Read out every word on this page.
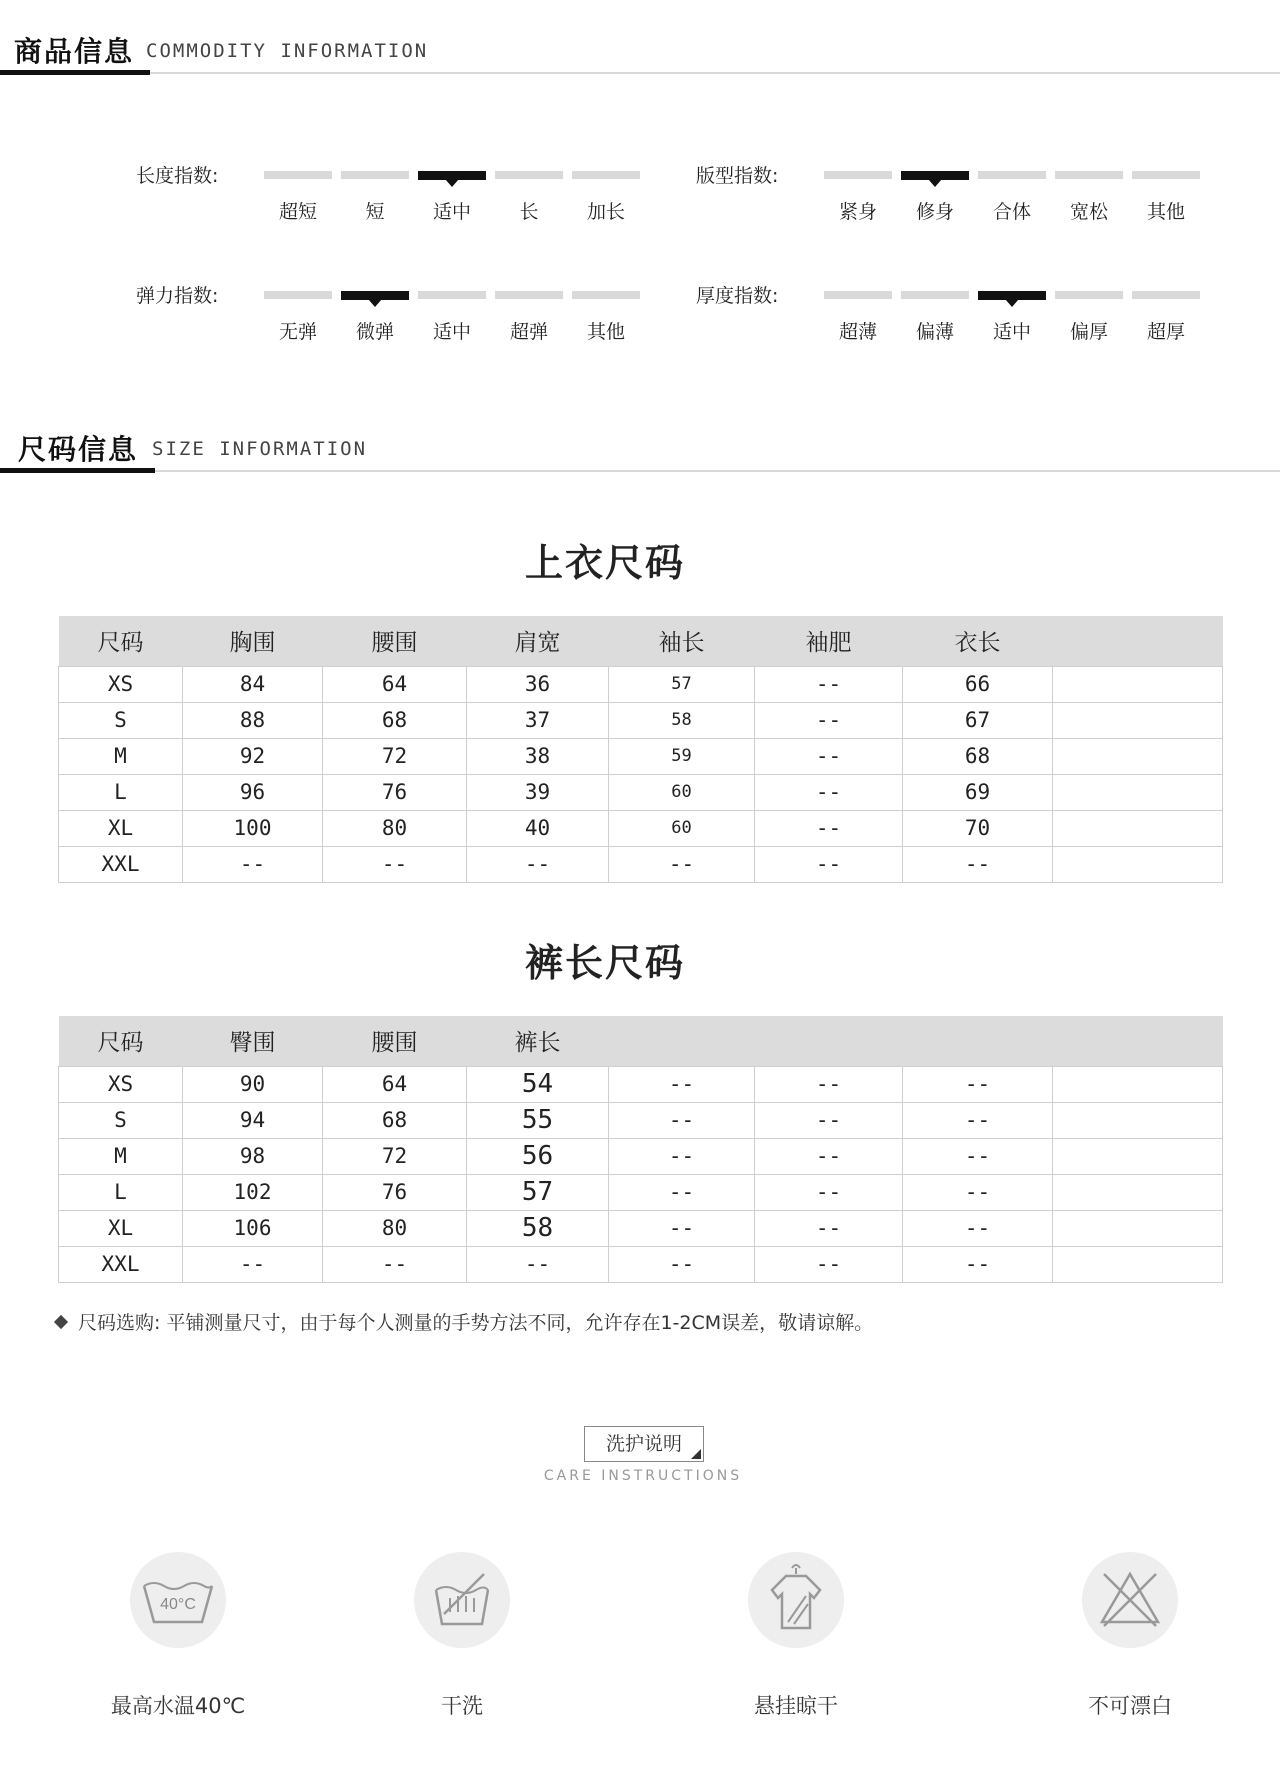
商品信息 COMMODITY INFORMATION
长度指数:
超短	短	适中	长	加长
版型指数:
紧身	修身	合体	宽松	其他
弹力指数:
无弹	微弹	适中	超弹	其他
厚度指数:
超薄	偏薄	适中	偏厚	超厚
尺码信息 SIZE INFORMATION
上衣尺码
尺码	胸围	腰围	肩宽	袖长	袖肥	衣长	
XS	84	64	36	57	--	66	
S	88	68	37	58	--	67	
M	92	72	38	59	--	68	
L	96	76	39	60	--	69	
XL	100	80	40	60	--	70	
XXL	--	--	--	--	--	--	
裤长尺码
尺码	臀围	腰围	裤长				
XS	90	64	54	--	--	--	
S	94	68	55	--	--	--	
M	98	72	56	--	--	--	
L	102	76	57	--	--	--	
XL	106	80	58	--	--	--	
XXL	--	--	--	--	--	--	
尺码选购: 平铺测量尺寸，由于每个人测量的手势方法不同，允许存在1-2CM误差，敬请谅解。
洗护说明
CARE INSTRUCTIONS
40°C
最高水温40℃	干洗	悬挂晾干	不可漂白
